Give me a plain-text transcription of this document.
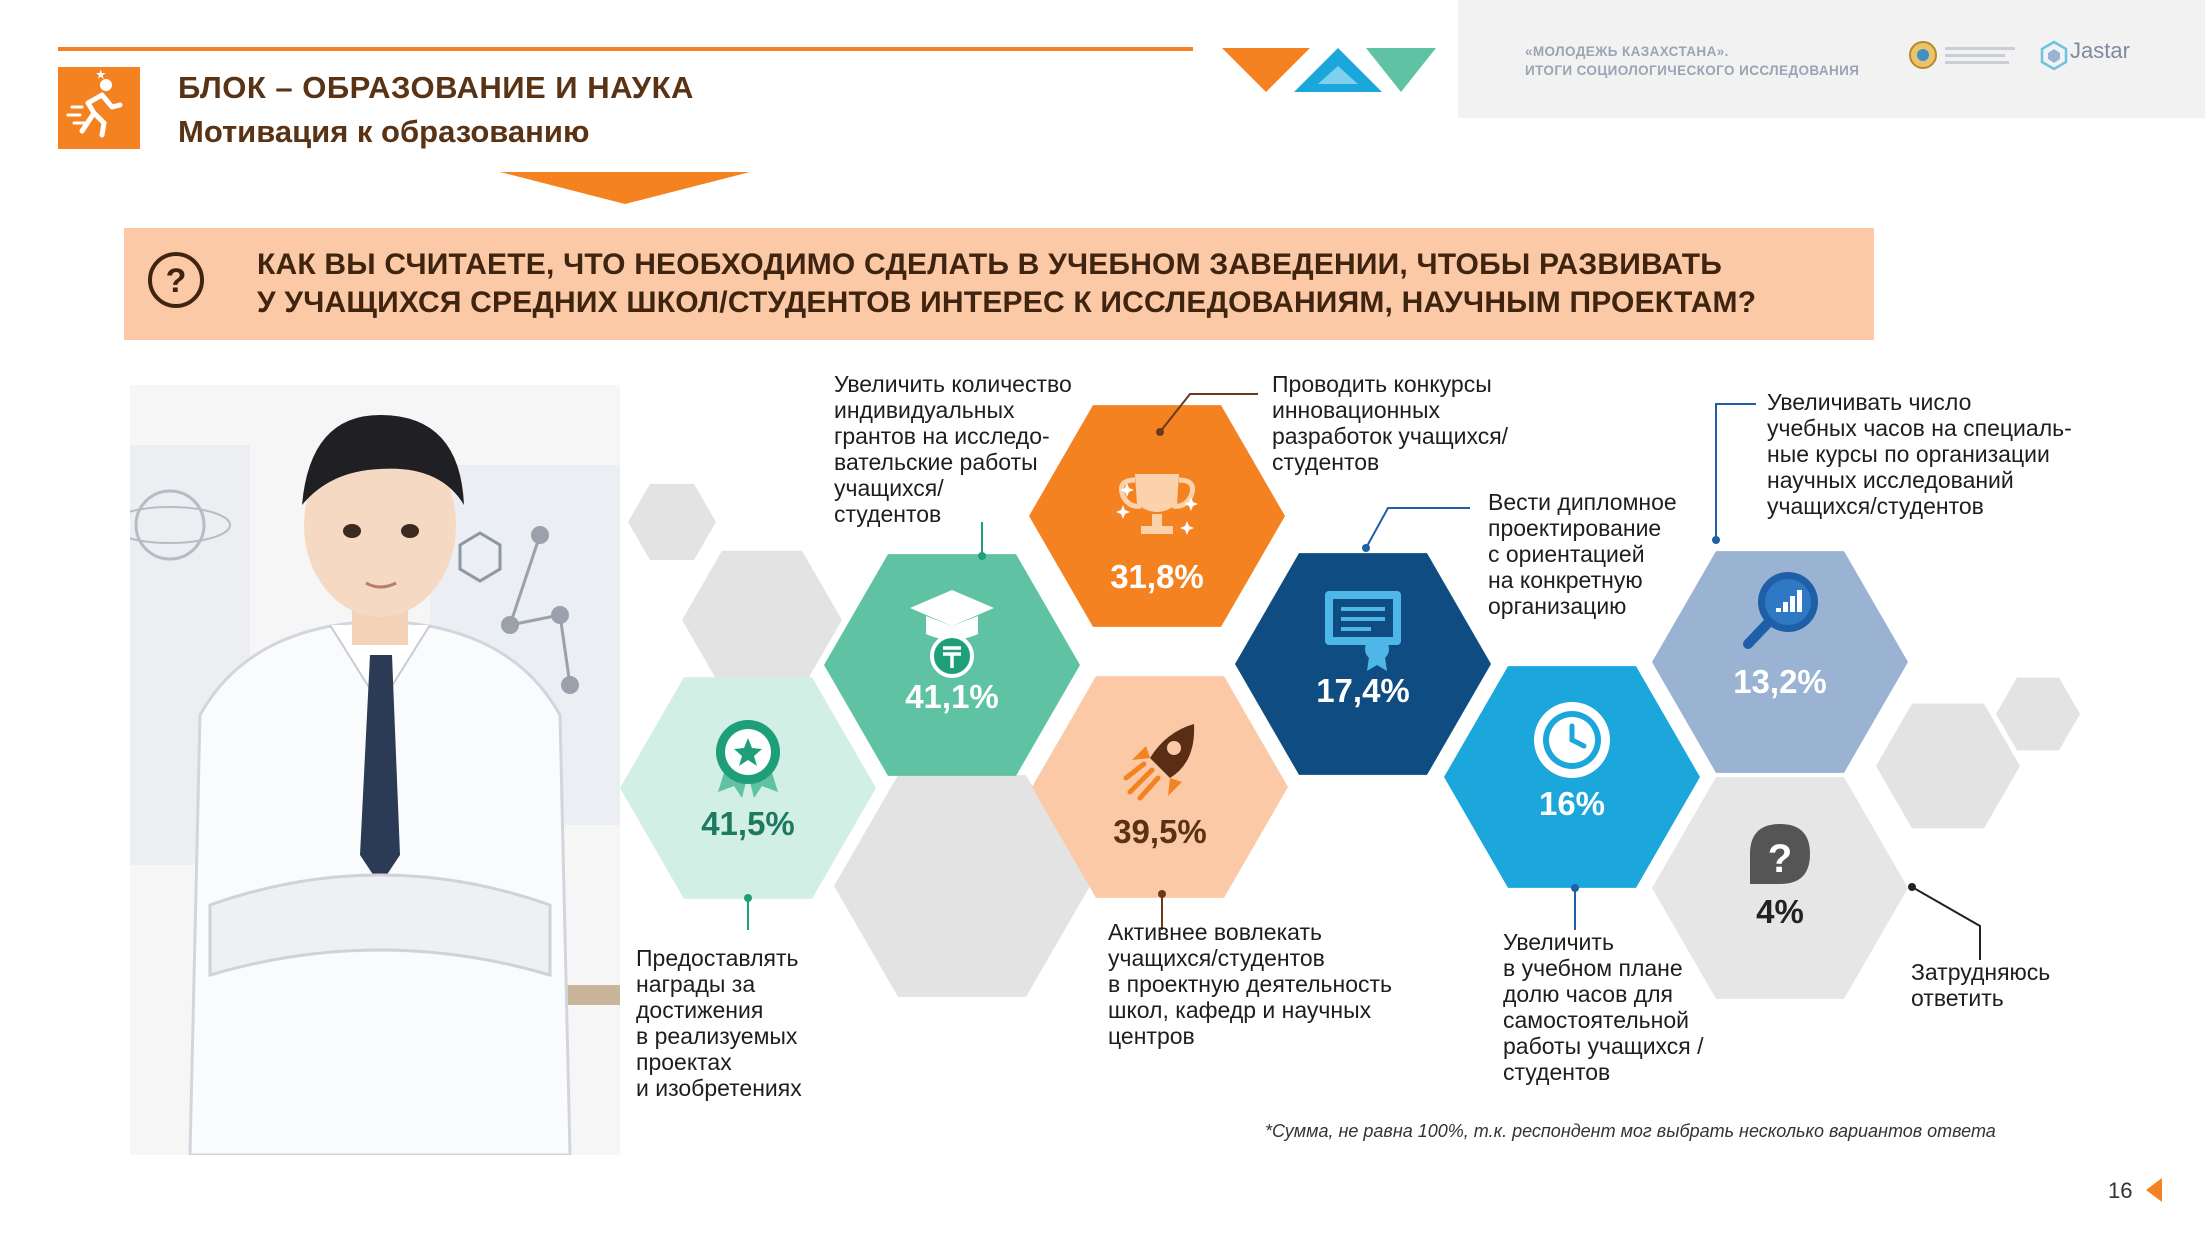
БЛОК – ОБРАЗОВАНИЕ И НАУКА
Мотивация к образованию
«МОЛОДЕЖЬ КАЗАХСТАНА».
ИТОГИ СОЦИОЛОГИЧЕСКОГО ИССЛЕДОВАНИЯ
Jastar
?	КАК ВЫ СЧИТАЕТЕ, ЧТО НЕОБХОДИМО СДЕЛАТЬ В УЧЕБНОМ ЗАВЕДЕНИИ, ЧТОБЫ РАЗВИВАТЬ
У УЧАЩИХСЯ СРЕДНИХ ШКОЛ/СТУДЕНТОВ ИНТЕРЕС К ИССЛЕДОВАНИЯМ, НАУЧНЫМ ПРОЕКТАМ?
41,5%
Предоставлять награды за достижения в реализуемых проектах и изобретениях
41,1%
Увеличить количество индивидуальных грантов на исследо-вательские работы учащихся/ студентов
31,8%
Проводить конкурсы инновационных разработок учащихся/ студентов
39,5%
Активнее вовлекать учащихся/студентов в проектную деятельность школ, кафедр и научных центров
17,4%
Вести дипломное проектирование с ориентацией на конкретную организацию
16%
Увеличить в учебном плане долю часов для самостоятельной работы учащихся / студентов
13,2%
Увеличивать число учебных часов на специаль-ные курсы по организации научных исследований учащихся/студентов
?
4%
Затрудняюсь ответить
*Сумма, не равна 100%, т.к. респондент мог выбрать несколько вариантов ответа
16
